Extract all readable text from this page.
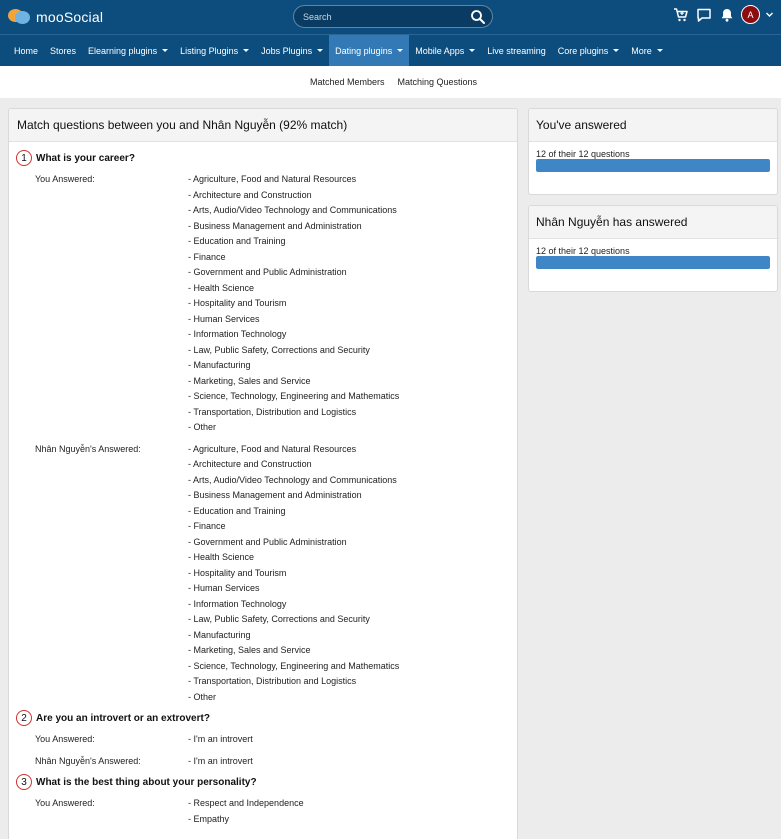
mooSocial
Search	A
Home Stores Elearning plugins	Listing Plugins	Jobs Plugins	Dating plugins	Mobile Apps	Live streaming Core plugins	More
Matched Members Matching Questions
Match questions between you and Nhân Nguyễn (92% match)
1 What is your career?
You Answered:	- Agriculture, Food and Natural Resources
- Architecture and Construction
- Arts, Audio/Video Technology and Communications
- Business Management and Administration
- Education and Training
- Finance
- Government and Public Administration
- Health Science
- Hospitality and Tourism
- Human Services
- Information Technology
- Law, Public Safety, Corrections and Security
- Manufacturing
- Marketing, Sales and Service
- Science, Technology, Engineering and Mathematics
- Transportation, Distribution and Logistics
- Other
Nhân Nguyễn's Answered:	- Agriculture, Food and Natural Resources
- Architecture and Construction
- Arts, Audio/Video Technology and Communications
- Business Management and Administration
- Education and Training
- Finance
- Government and Public Administration
- Health Science
- Hospitality and Tourism
- Human Services
- Information Technology
- Law, Public Safety, Corrections and Security
- Manufacturing
- Marketing, Sales and Service
- Science, Technology, Engineering and Mathematics
- Transportation, Distribution and Logistics
- Other
2 Are you an introvert or an extrovert?
You Answered:	- I'm an introvert
Nhân Nguyễn's Answered:	- I'm an introvert
3 What is the best thing about your personality?
You Answered:	- Respect and Independence
- Empathy
You've answered
12 of their 12 questions
Nhân Nguyễn has answered
12 of their 12 questions
